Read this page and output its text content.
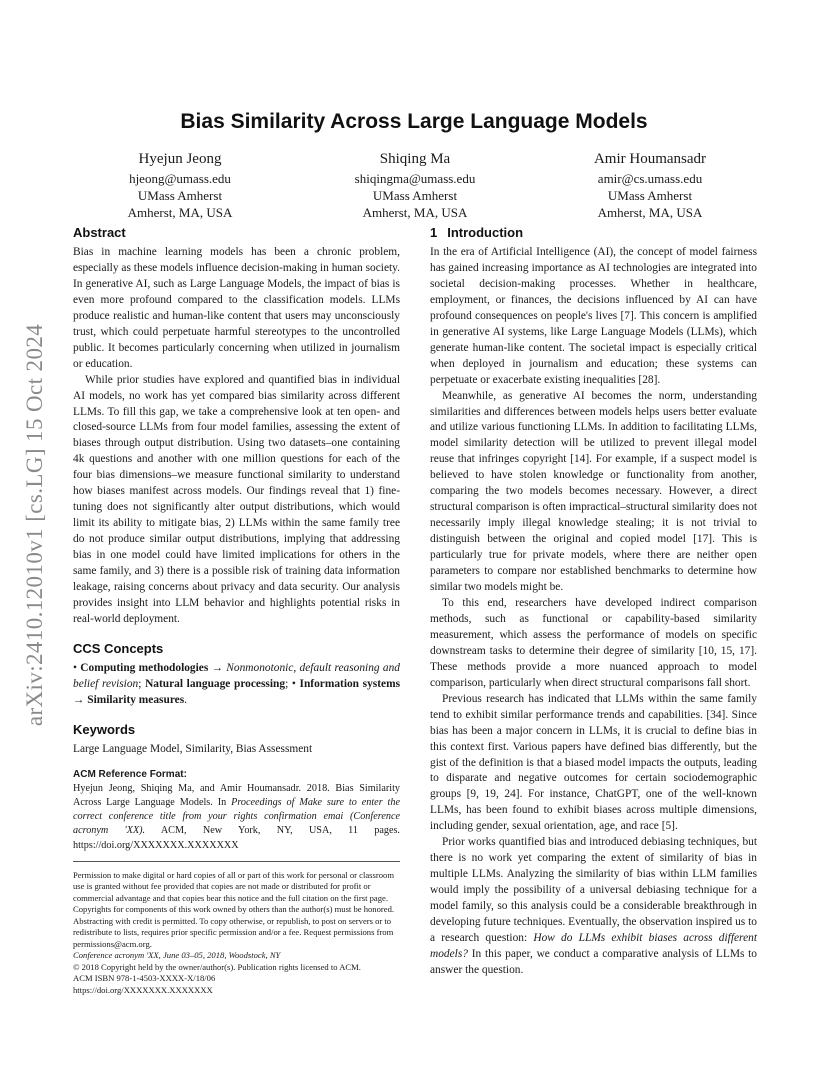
arXiv:2410.12010v1 [cs.LG] 15 Oct 2024
Bias Similarity Across Large Language Models
Hyejun Jeong
hjeong@umass.edu
UMass Amherst
Amherst, MA, USA
Shiqing Ma
shiqingma@umass.edu
UMass Amherst
Amherst, MA, USA
Amir Houmansadr
amir@cs.umass.edu
UMass Amherst
Amherst, MA, USA
Abstract

Bias in machine learning models has been a chronic problem, especially as these models influence decision-making in human society. In generative AI, such as Large Language Models, the impact of bias is even more profound compared to the classification models. LLMs produce realistic and human-like content that users may unconsciously trust, which could perpetuate harmful stereotypes to the uncontrolled public. It becomes particularly concerning when utilized in journalism or education.

While prior studies have explored and quantified bias in individual AI models, no work has yet compared bias similarity across different LLMs. To fill this gap, we take a comprehensive look at ten open- and closed-source LLMs from four model families, assessing the extent of biases through output distribution. Using two datasets–one containing 4k questions and another with one million questions for each of the four bias dimensions–we measure functional similarity to understand how biases manifest across models. Our findings reveal that 1) fine-tuning does not significantly alter output distributions, which would limit its ability to mitigate bias, 2) LLMs within the same family tree do not produce similar output distributions, implying that addressing bias in one model could have limited implications for others in the same family, and 3) there is a possible risk of training data information leakage, raising concerns about privacy and data security. Our analysis provides insight into LLM behavior and highlights potential risks in real-world deployment.

CCS Concepts

• Computing methodologies → Nonmonotonic, default reasoning and belief revision; Natural language processing; • Information systems → Similarity measures.

Keywords

Large Language Model, Similarity, Bias Assessment

ACM Reference Format:

Hyejun Jeong, Shiqing Ma, and Amir Houmansadr. 2018. Bias Similarity Across Large Language Models. In Proceedings of Make sure to enter the correct conference title from your rights confirmation emai (Conference acronym 'XX). ACM, New York, NY, USA, 11 pages. https://doi.org/XXXXXXX.XXXXXXX

Permission to make digital or hard copies of all or part of this work for personal or classroom use is granted without fee provided that copies are not made or distributed for profit or commercial advantage and that copies bear this notice and the full citation on the first page. Copyrights for components of this work owned by others than the author(s) must be honored. Abstracting with credit is permitted. To copy otherwise, or republish, to post on servers or to redistribute to lists, requires prior specific permission and/or a fee. Request permissions from permissions@acm.org.
Conference acronym 'XX, June 03–05, 2018, Woodstock, NY
© 2018 Copyright held by the owner/author(s). Publication rights licensed to ACM.
ACM ISBN 978-1-4503-XXXX-X/18/06
https://doi.org/XXXXXXX.XXXXXXX
1 Introduction

In the era of Artificial Intelligence (AI), the concept of model fairness has gained increasing importance as AI technologies are integrated into societal decision-making processes. Whether in healthcare, employment, or finances, the decisions influenced by AI can have profound consequences on people's lives [7]. This concern is amplified in generative AI systems, like Large Language Models (LLMs), which generate human-like content. The societal impact is especially critical when deployed in journalism and education; these systems can perpetuate or exacerbate existing inequalities [28].

Meanwhile, as generative AI becomes the norm, understanding similarities and differences between models helps users better evaluate and utilize various functioning LLMs. In addition to facilitating LLMs, model similarity detection will be utilized to prevent illegal model reuse that infringes copyright [14]. For example, if a suspect model is believed to have stolen knowledge or functionality from another, comparing the two models becomes necessary. However, a direct structural comparison is often impractical–structural similarity does not necessarily imply illegal knowledge stealing; it is not trivial to distinguish between the original and copied model [17]. This is particularly true for private models, where there are neither open parameters to compare nor established benchmarks to determine how similar two models might be.

To this end, researchers have developed indirect comparison methods, such as functional or capability-based similarity measurement, which assess the performance of models on specific downstream tasks to determine their degree of similarity [10, 15, 17]. These methods provide a more nuanced approach to model comparison, particularly when direct structural comparisons fall short.

Previous research has indicated that LLMs within the same family tend to exhibit similar performance trends and capabilities. [34]. Since bias has been a major concern in LLMs, it is crucial to define bias in this context first. Various papers have defined bias differently, but the gist of the definition is that a biased model impacts the outputs, leading to disparate and negative outcomes for certain sociodemographic groups [9, 19, 24]. For instance, ChatGPT, one of the well-known LLMs, has been found to exhibit biases across multiple dimensions, including gender, sexual orientation, age, and race [5].

Prior works quantified bias and introduced debiasing techniques, but there is no work yet comparing the extent of similarity of bias in multiple LLMs. Analyzing the similarity of bias within LLM families would imply the possibility of a universal debiasing technique for a model family, so this analysis could be a considerable breakthrough in developing future techniques. Eventually, the observation inspired us to a research question: How do LLMs exhibit biases across different models? In this paper, we conduct a comparative analysis of LLMs to answer the question.
